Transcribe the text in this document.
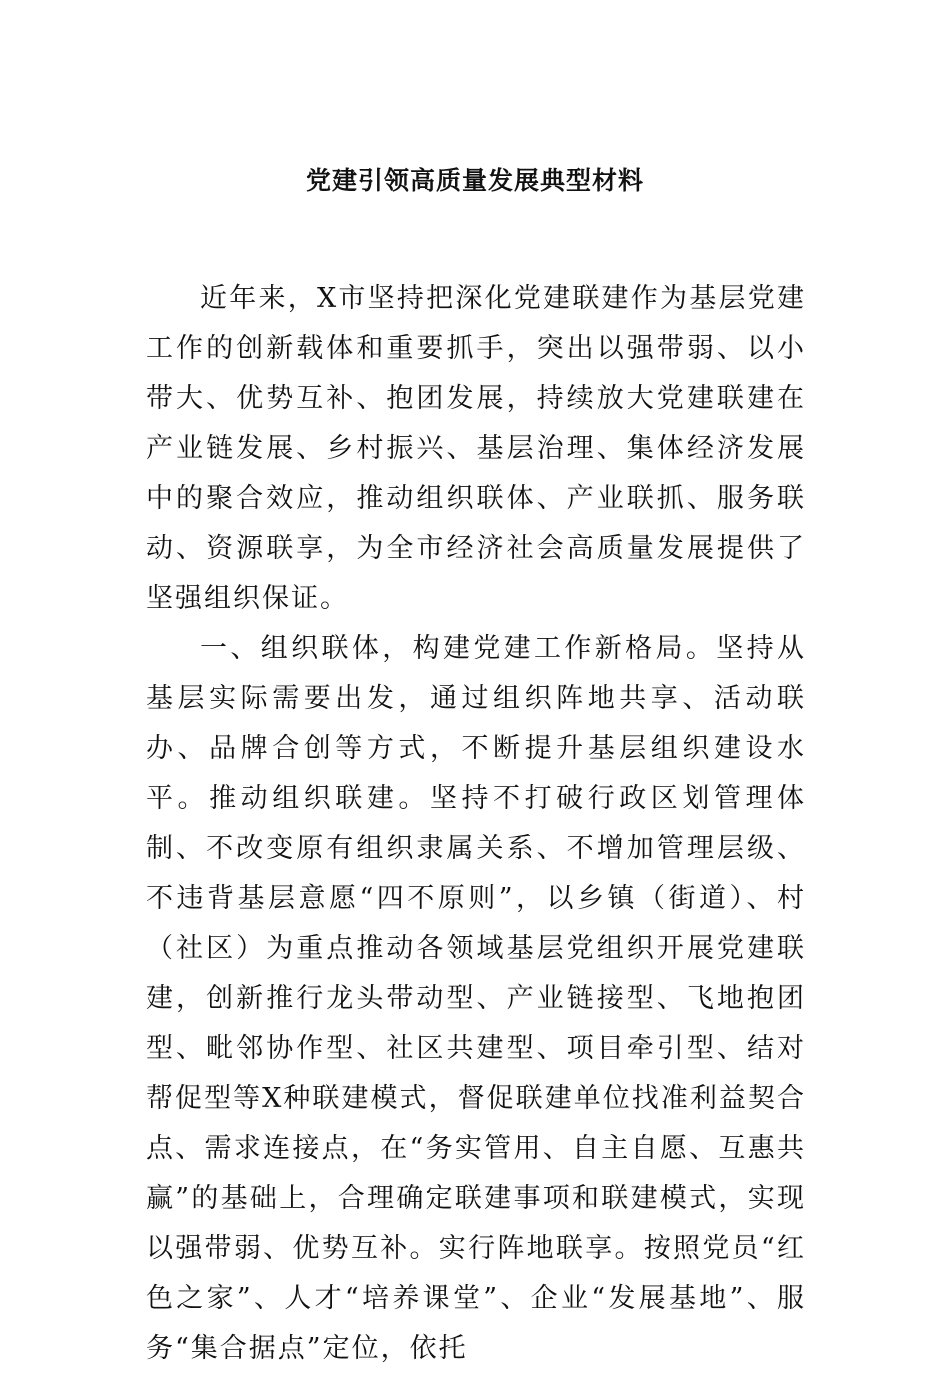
党建引领高质量发展典型材料

近年来，X市坚持把深化党建联建作为基层党建工作的创新载体和重要抓手，突出以强带弱、以小带大、优势互补、抱团发展，持续放大党建联建在产业链发展、乡村振兴、基层治理、集体经济发展中的聚合效应，推动组织联体、产业联抓、服务联动、资源联享，为全市经济社会高质量发展提供了坚强组织保证。

一、组织联体，构建党建工作新格局。坚持从基层实际需要出发，通过组织阵地共享、活动联办、品牌合创等方式，不断提升基层组织建设水平。推动组织联建。坚持不打破行政区划管理体制、不改变原有组织隶属关系、不增加管理层级、不违背基层意愿“四不原则”，以乡镇（街道）、村（社区）为重点推动各领域基层党组织开展党建联建，创新推行龙头带动型、产业链接型、飞地抱团型、毗邻协作型、社区共建型、项目牵引型、结对帮促型等X种联建模式，督促联建单位找准利益契合点、需求连接点，在“务实管用、自主自愿、互惠共赢”的基础上，合理确定联建事项和联建模式，实现以强带弱、优势互补。实行阵地联享。按照党员“红色之家”、人才“培养课堂”、企业“发展基地”、服务“集合据点”定位，依托
